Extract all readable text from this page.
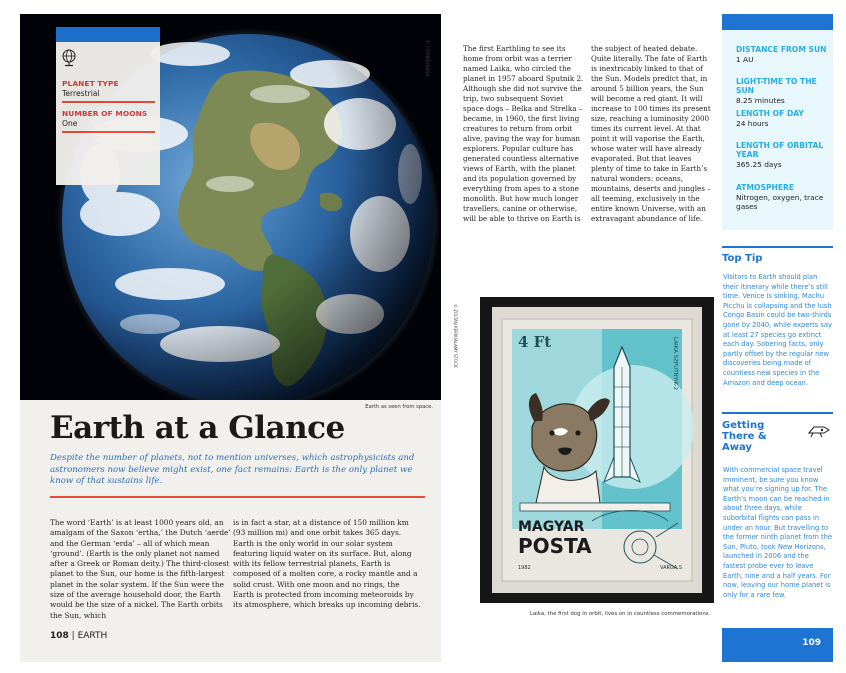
PLANET TYPE
Terrestrial
NUMBER OF MOONS
One
Earth as seen from space.
Earth at a Glance

Despite the number of planets, not to mention universes, which astrophysicists and astronomers now believe might exist, one fact remains: Earth is the only planet we know of that sustains life.

The word ‘Earth’ is at least 1000 years old, an amalgam of the Saxon ‘ertha,’ the Dutch ‘aerde’ and the German ‘erda’ – all of which mean ‘ground’. (Earth is the only planet not named after a Greek or Roman deity.) The third-closest planet to the Sun, our home is the fifth-largest planet in the solar system. If the Sun were the size of the average household door, the Earth would be the size of a nickel. The Earth orbits the Sun, which

is in fact a star, at a distance of 150 million km (93 million mi) and one orbit takes 365 days. Earth is the only world in our solar system featuring liquid water on its surface. But, along with its fellow terrestrial planets, Earth is composed of a molten core, a rocky mantle and a solid crust. With one moon and no rings, the Earth is protected from incoming meteoroids by its atmosphere, which breaks up incoming debris.

108 | EARTH
© CORBIS/NASA	The first Earthling to see its home from orbit was a terrier named Laika, who circled the planet in 1957 aboard Sputnik 2. Although she did not survive the trip, two subsequent Soviet space dogs – Belka and Strelka – became, in 1960, the first living creatures to return from orbit alive, paving the way for human explorers. Popular culture has generated countless alternative views of Earth, with the planet and its population governed by everything from apes to a stone monolith. But how much longer travellers, canine or otherwise, will be able to thrive on Earth is

the subject of heated debate. Quite literally. The fate of Earth is inextricably linked to that of the Sun. Models predict that, in around 5 billion years, the Sun will become a red giant. It will increase to 100 times its present size, reaching a luminosity 2000 times its current level. At that point it will vaporise the Earth, whose water will have already evaporated. But that leaves plenty of time to take in Earth’s natural wonders: oceans, mountains, deserts and jungles – all teeming, exclusively in the entire known Universe, with an extravagant abundance of life.

© ZOLTAN KERIK/ALAMY STOCK	4 Ft	LAIKA SZPUTNYIK-2
MAGYAR
POSTA
1982	VARGA S
Laika, the first dog in orbit, lives on in countless commemorations.
DISTANCE FROM SUN
1 AU
LIGHT-TIME TO THE SUN
8.25 minutes
LENGTH OF DAY
24 hours
LENGTH OF ORBITAL YEAR
365.25 days
ATMOSPHERE
Nitrogen, oxygen, trace gases
Top Tip
Visitors to Earth should plan their itinerary while there’s still time. Venice is sinking, Machu Picchu is collapsing and the lush Congo Basin could be two-thirds gone by 2040, while experts say at least 27 species go extinct each day. Sobering facts, only partly offset by the regular new discoveries being made of countless new species in the Amazon and deep ocean.
Getting There & Away
With commercial space travel imminent, be sure you know what you’re signing up for. The Earth’s moon can be reached in about three days, while suborbital flights can pass in under an hour. But travelling to the former ninth planet from the Sun, Pluto, took New Horizons, launched in 2006 and the fastest probe ever to leave Earth, nine and a half years. For now, leaving our home planet is only for a rare few.
109
